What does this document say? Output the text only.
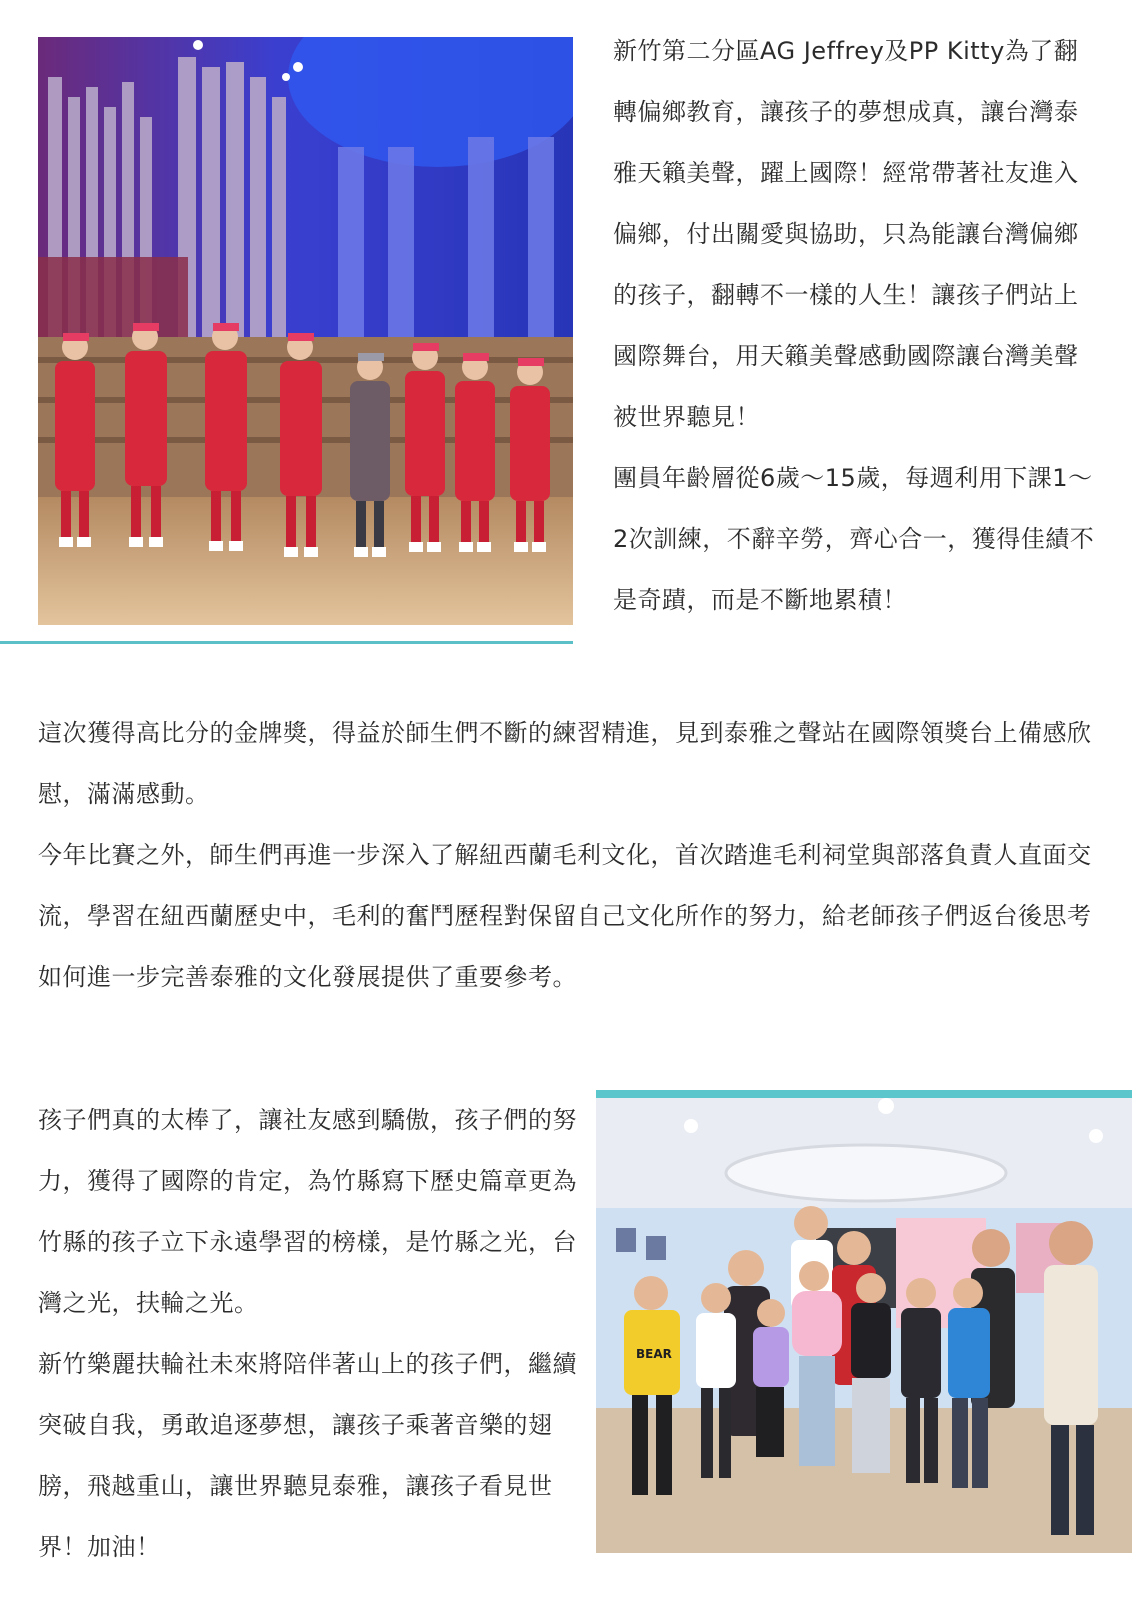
新竹第二分區AG Jeffrey及PP Kitty為了翻轉偏鄉教育，讓孩子的夢想成真，讓台灣泰雅天籟美聲，躍上國際！經常帶著社友進入偏鄉，付出關愛與協助，只為能讓台灣偏鄉的孩子，翻轉不一樣的人生！讓孩子們站上國際舞台，用天籟美聲感動國際讓台灣美聲被世界聽見！

團員年齡層從6歲～15歲，每週利用下課1～2次訓練，不辭辛勞，齊心合一，獲得佳績不是奇蹟，而是不斷地累積！

這次獲得高比分的金牌獎，得益於師生們不斷的練習精進，見到泰雅之聲站在國際領獎台上備感欣慰，滿滿感動。

今年比賽之外，師生們再進一步深入了解紐西蘭毛利文化，首次踏進毛利祠堂與部落負責人直面交流，學習在紐西蘭歷史中，毛利的奮鬥歷程對保留自己文化所作的努力，給老師孩子們返台後思考如何進一步完善泰雅的文化發展提供了重要參考。

孩子們真的太棒了，讓社友感到驕傲，孩子們的努力，獲得了國際的肯定，為竹縣寫下歷史篇章更為竹縣的孩子立下永遠學習的榜樣，是竹縣之光，台灣之光，扶輪之光。

新竹樂麗扶輪社未來將陪伴著山上的孩子們，繼續突破自我，勇敢追逐夢想，讓孩子乘著音樂的翅膀，飛越重山，讓世界聽見泰雅，讓孩子看見世界！加油！

BEAR
